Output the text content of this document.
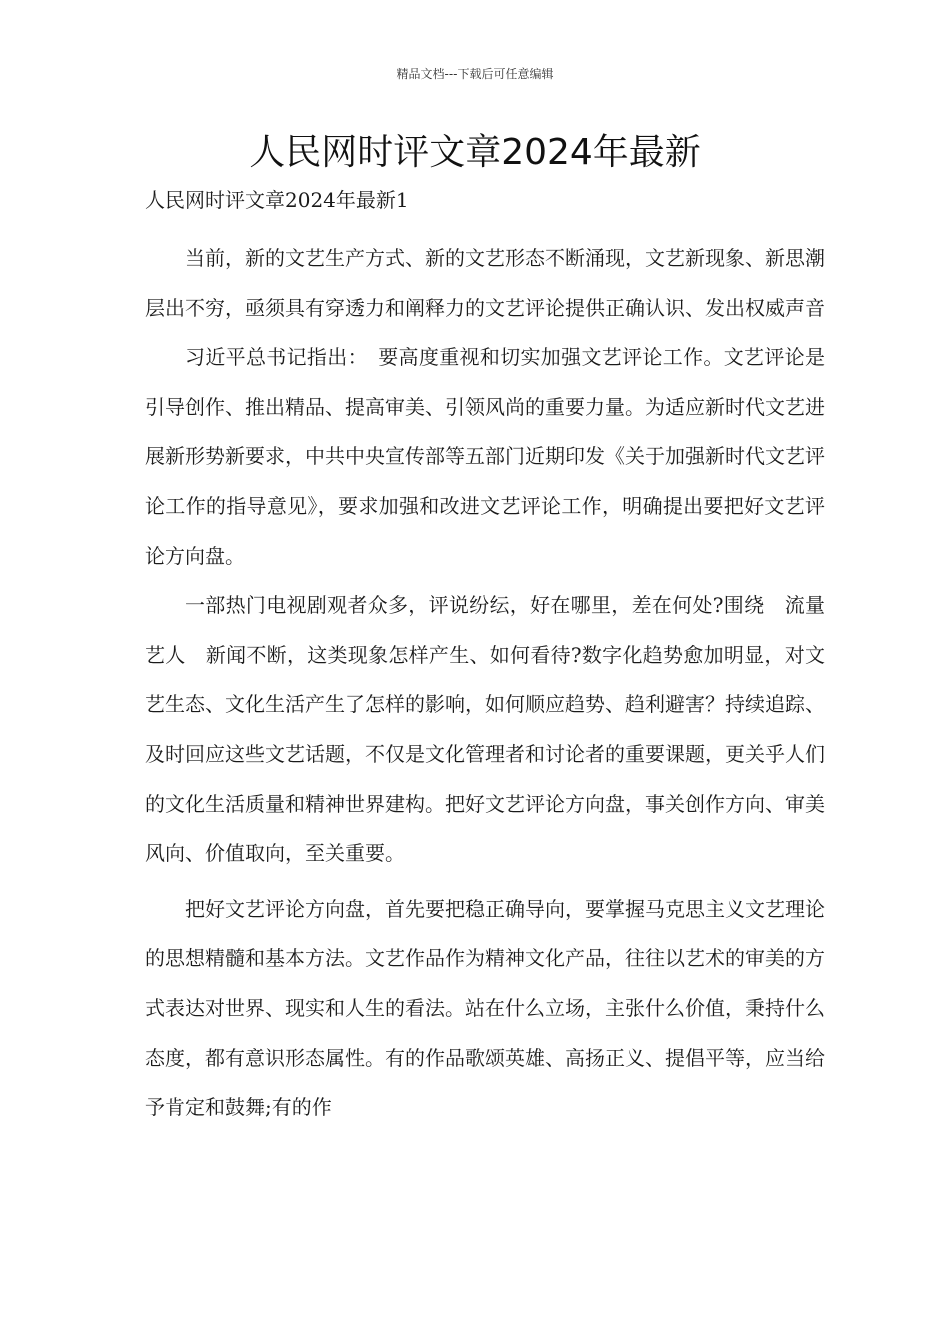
精品文档---下载后可任意编辑
人民网时评文章2024年最新
人民网时评文章2024年最新1

当前，新的文艺生产方式、新的文艺形态不断涌现，文艺新现象、新思潮层出不穷，亟须具有穿透力和阐释力的文艺评论提供正确认识、发出权威声音

习近平总书记指出：　要高度重视和切实加强文艺评论工作。文艺评论是引导创作、推出精品、提高审美、引领风尚的重要力量。为适应新时代文艺进展新形势新要求，中共中央宣传部等五部门近期印发《关于加强新时代文艺评论工作的指导意见》，要求加强和改进文艺评论工作，明确提出要把好文艺评论方向盘。

一部热门电视剧观者众多，评说纷纭，好在哪里，差在何处?围绕　流量艺人　新闻不断，这类现象怎样产生、如何看待?数字化趋势愈加明显，对文艺生态、文化生活产生了怎样的影响，如何顺应趋势、趋利避害？持续追踪、及时回应这些文艺话题，不仅是文化管理者和讨论者的重要课题，更关乎人们的文化生活质量和精神世界建构。把好文艺评论方向盘，事关创作方向、审美风向、价值取向，至关重要。

把好文艺评论方向盘，首先要把稳正确导向，要掌握马克思主义文艺理论的思想精髓和基本方法。文艺作品作为精神文化产品，往往以艺术的审美的方式表达对世界、现实和人生的看法。站在什么立场，主张什么价值，秉持什么态度，都有意识形态属性。有的作品歌颂英雄、高扬正义、提倡平等，应当给予肯定和鼓舞;有的作
